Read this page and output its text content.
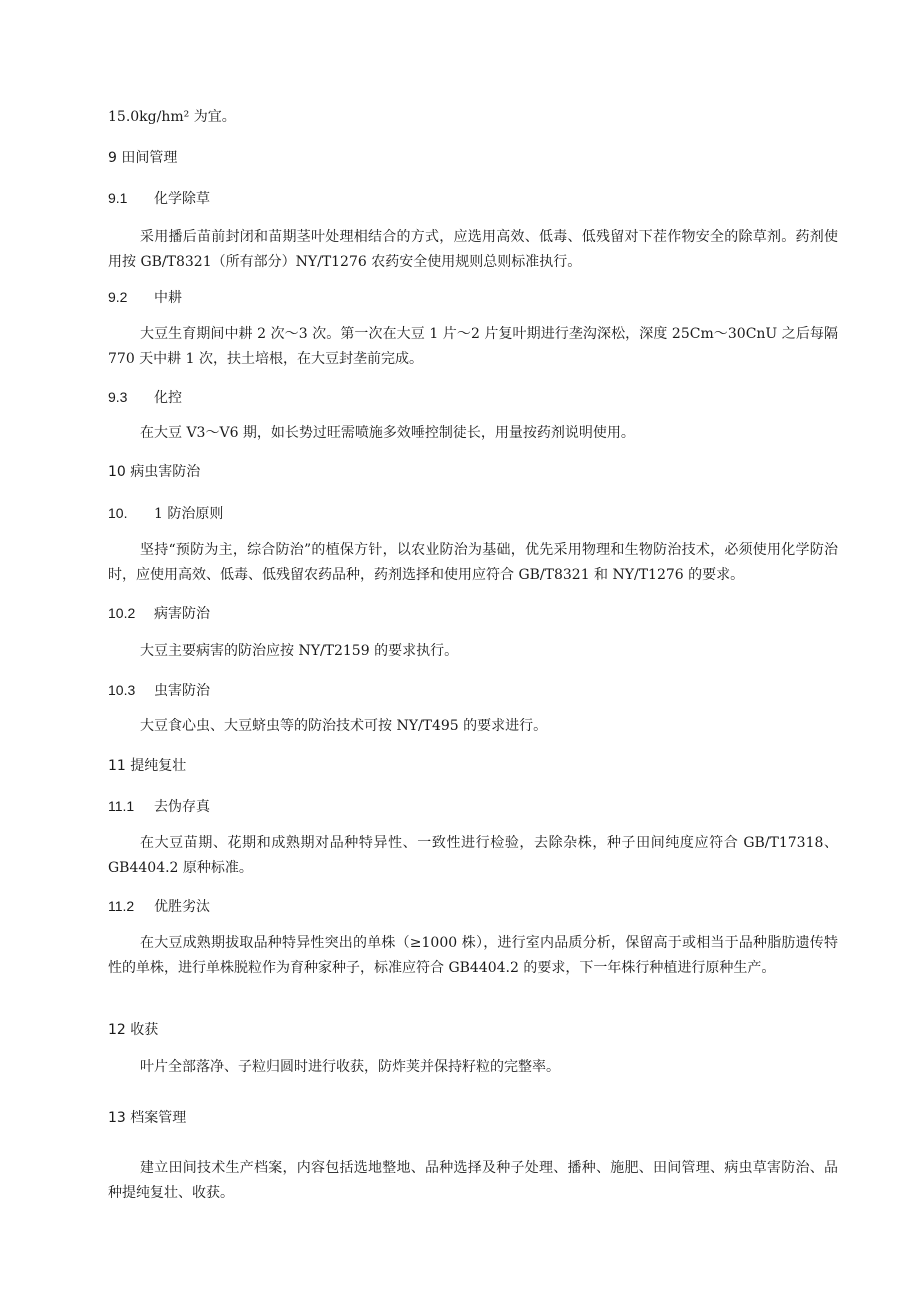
15.0kg∕hm² 为宜。
9 田间管理
9.1 化学除草
采用播后苗前封闭和苗期茎叶处理相结合的方式，应选用高效、低毒、低残留对下茬作物安全的除草剂。药剂使用按 GB/T8321（所有部分）NY/T1276 农药安全使用规则总则标准执行。
9.2 中耕
大豆生育期间中耕 2 次～3 次。第一次在大豆 1 片～2 片复叶期进行垄沟深松，深度 25Cm～30CnU 之后每隔 770 天中耕 1 次，扶土培根，在大豆封垄前完成。
9.3 化控
在大豆 V3～V6 期，如长势过旺需喷施多效唾控制徒长，用量按药剂说明使用。
10 病虫害防治
10. 1 防治原则
坚持“预防为主，综合防治”的植保方针，以农业防治为基础，优先采用物理和生物防治技术，必须使用化学防治时，应使用高效、低毒、低残留农药品种，药剂选择和使用应符合 GB/T8321 和 NY/T1276 的要求。
10.2 病害防治
大豆主要病害的防治应按 NY/T2159 的要求执行。
10.3 虫害防治
大豆食心虫、大豆蛴虫等的防治技术可按 NY/T495 的要求进行。
11 提纯复壮
11.1 去伪存真
在大豆苗期、花期和成熟期对品种特异性、一致性进行检验，去除杂株，种子田间纯度应符合 GB/T17318、GB4404.2 原种标准。
11.2 优胜劣汰
在大豆成熟期拔取品种特异性突出的单株（≥1000 株），进行室内品质分析，保留高于或相当于品种脂肪遗传特性的单株，进行单株脱粒作为育种家种子，标准应符合 GB4404.2 的要求，下一年株行种植进行原种生产。
12 收获
叶片全部落净、子粒归圆时进行收获，防炸荚并保持籽粒的完整率。
13 档案管理
建立田间技术生产档案，内容包括选地整地、品种选择及种子处理、播种、施肥、田间管理、病虫草害防治、品种提纯复壮、收获。
